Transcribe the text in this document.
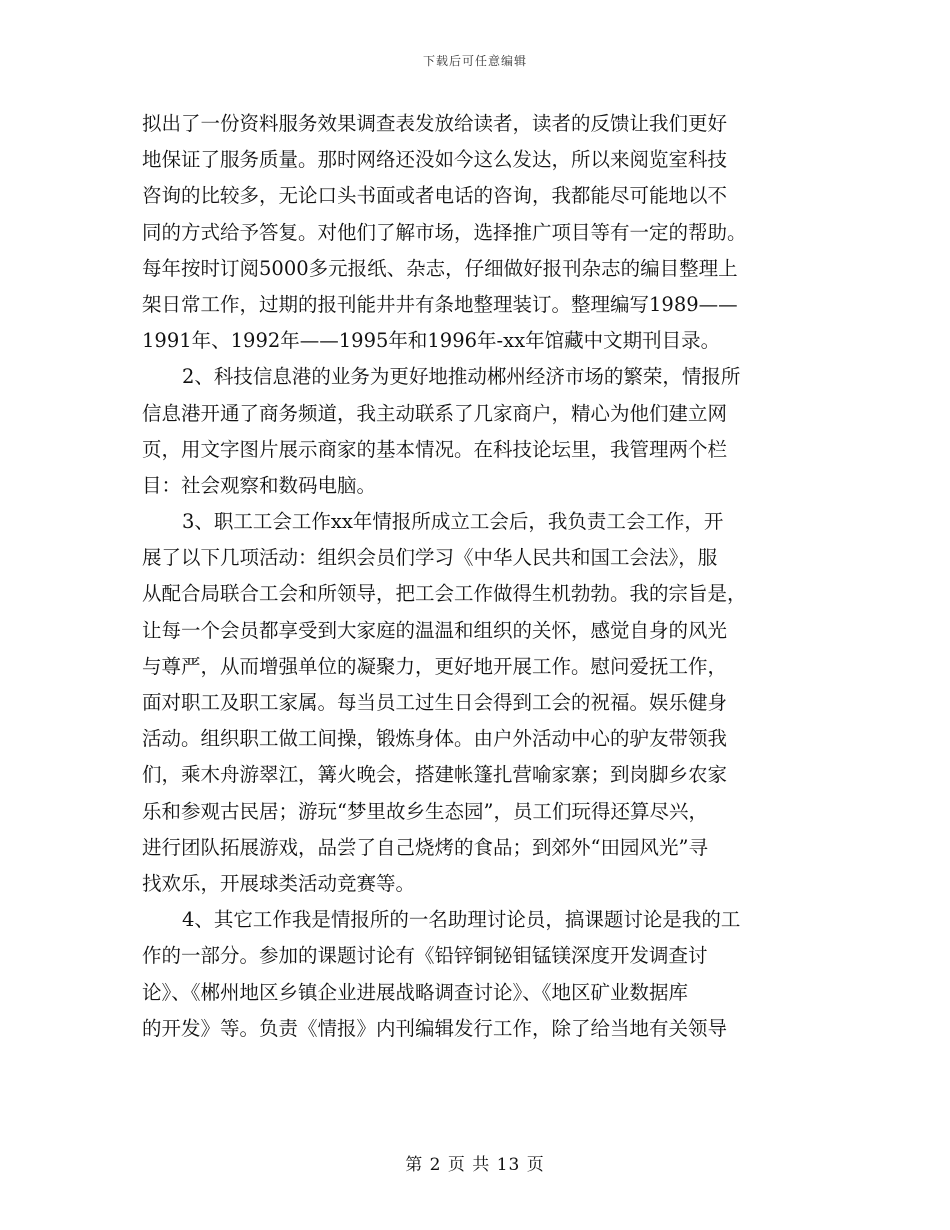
下载后可任意编辑
拟出了一份资料服务效果调查表发放给读者，读者的反馈让我们更好
地保证了服务质量。那时网络还没如今这么发达，所以来阅览室科技
咨询的比较多，无论口头书面或者电话的咨询，我都能尽可能地以不
同的方式给予答复。对他们了解市场，选择推广项目等有一定的帮助。
每年按时订阅5000多元报纸、杂志，仔细做好报刊杂志的编目整理上
架日常工作，过期的报刊能井井有条地整理装订。整理编写1989——
1991年、1992年——1995年和1996年-xx年馆藏中文期刊目录。
2、科技信息港的业务为更好地推动郴州经济市场的繁荣，情报所
信息港开通了商务频道，我主动联系了几家商户，精心为他们建立网
页，用文字图片展示商家的基本情况。在科技论坛里，我管理两个栏
目：社会观察和数码电脑。
3、职工工会工作xx年情报所成立工会后，我负责工会工作，开
展了以下几项活动：组织会员们学习《中华人民共和国工会法》，服
从配合局联合工会和所领导，把工会工作做得生机勃勃。我的宗旨是，
让每一个会员都享受到大家庭的温温和组织的关怀，感觉自身的风光
与尊严，从而增强单位的凝聚力，更好地开展工作。慰问爱抚工作，
面对职工及职工家属。每当员工过生日会得到工会的祝福。娱乐健身
活动。组织职工做工间操，锻炼身体。由户外活动中心的驴友带领我
们，乘木舟游翠江，篝火晚会，搭建帐篷扎营喻家寨；到岗脚乡农家
乐和参观古民居；游玩“梦里故乡生态园”，员工们玩得还算尽兴，
进行团队拓展游戏，品尝了自己烧烤的食品；到郊外“田园风光”寻
找欢乐，开展球类活动竞赛等。
4、其它工作我是情报所的一名助理讨论员，搞课题讨论是我的工
作的一部分。参加的课题讨论有《铅锌铜铋钼锰镁深度开发调查讨
论》、《郴州地区乡镇企业进展战略调查讨论》、《地区矿业数据库
的开发》等。负责《情报》内刊编辑发行工作，除了给当地有关领导
第 2 页 共 13 页
